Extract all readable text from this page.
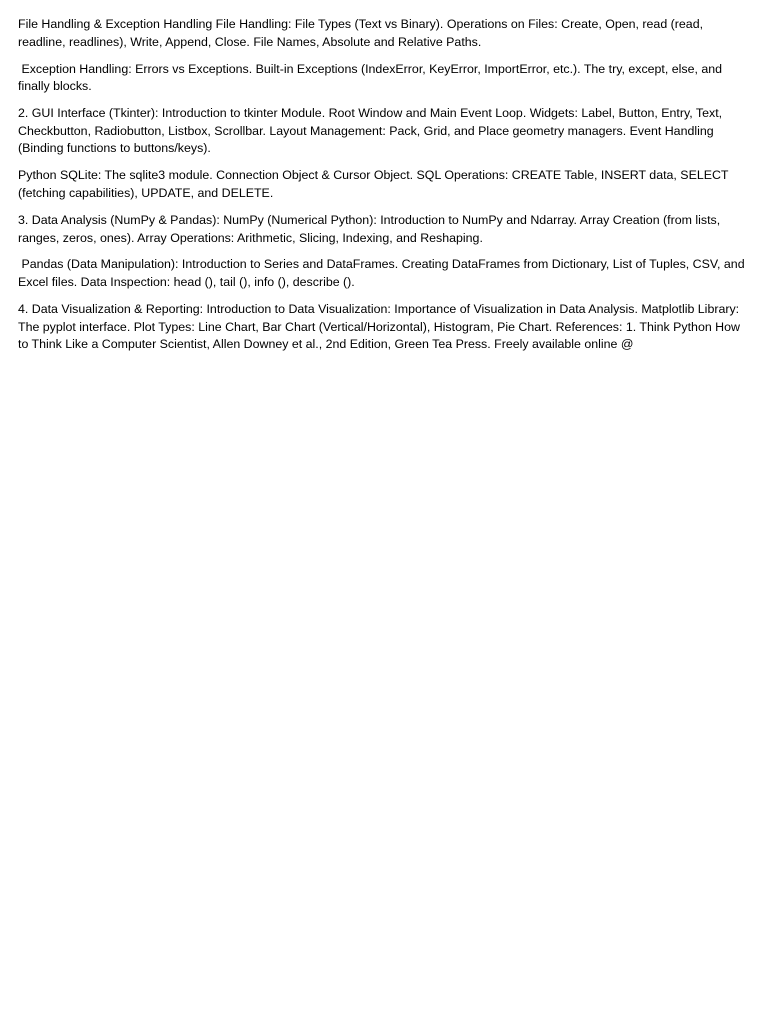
File Handling & Exception Handling File Handling: File Types (Text vs Binary). Operations on Files: Create, Open, read (read, readline, readlines), Write, Append, Close. File Names, Absolute and Relative Paths.

Exception Handling: Errors vs Exceptions. Built-in Exceptions (IndexError, KeyError, ImportError, etc.). The try, except, else, and finally blocks.

2. GUI Interface (Tkinter): Introduction to tkinter Module. Root Window and Main Event Loop. Widgets: Label, Button, Entry, Text, Checkbutton, Radiobutton, Listbox, Scrollbar. Layout Management: Pack, Grid, and Place geometry managers. Event Handling (Binding functions to buttons/keys).

Python SQLite: The sqlite3 module. Connection Object & Cursor Object. SQL Operations: CREATE Table, INSERT data, SELECT (fetching capabilities), UPDATE, and DELETE.

3. Data Analysis (NumPy & Pandas): NumPy (Numerical Python): Introduction to NumPy and Ndarray. Array Creation (from lists, ranges, zeros, ones). Array Operations: Arithmetic, Slicing, Indexing, and Reshaping.

Pandas (Data Manipulation): Introduction to Series and DataFrames. Creating DataFrames from Dictionary, List of Tuples, CSV, and Excel files. Data Inspection: head (), tail (), info (), describe ().

4. Data Visualization & Reporting: Introduction to Data Visualization: Importance of Visualization in Data Analysis. Matplotlib Library: The pyplot interface. Plot Types: Line Chart, Bar Chart (Vertical/Horizontal), Histogram, Pie Chart. References: 1. Think Python How to Think Like a Computer Scientist, Allen Downey et al., 2nd Edition, Green Tea Press. Freely available online @
